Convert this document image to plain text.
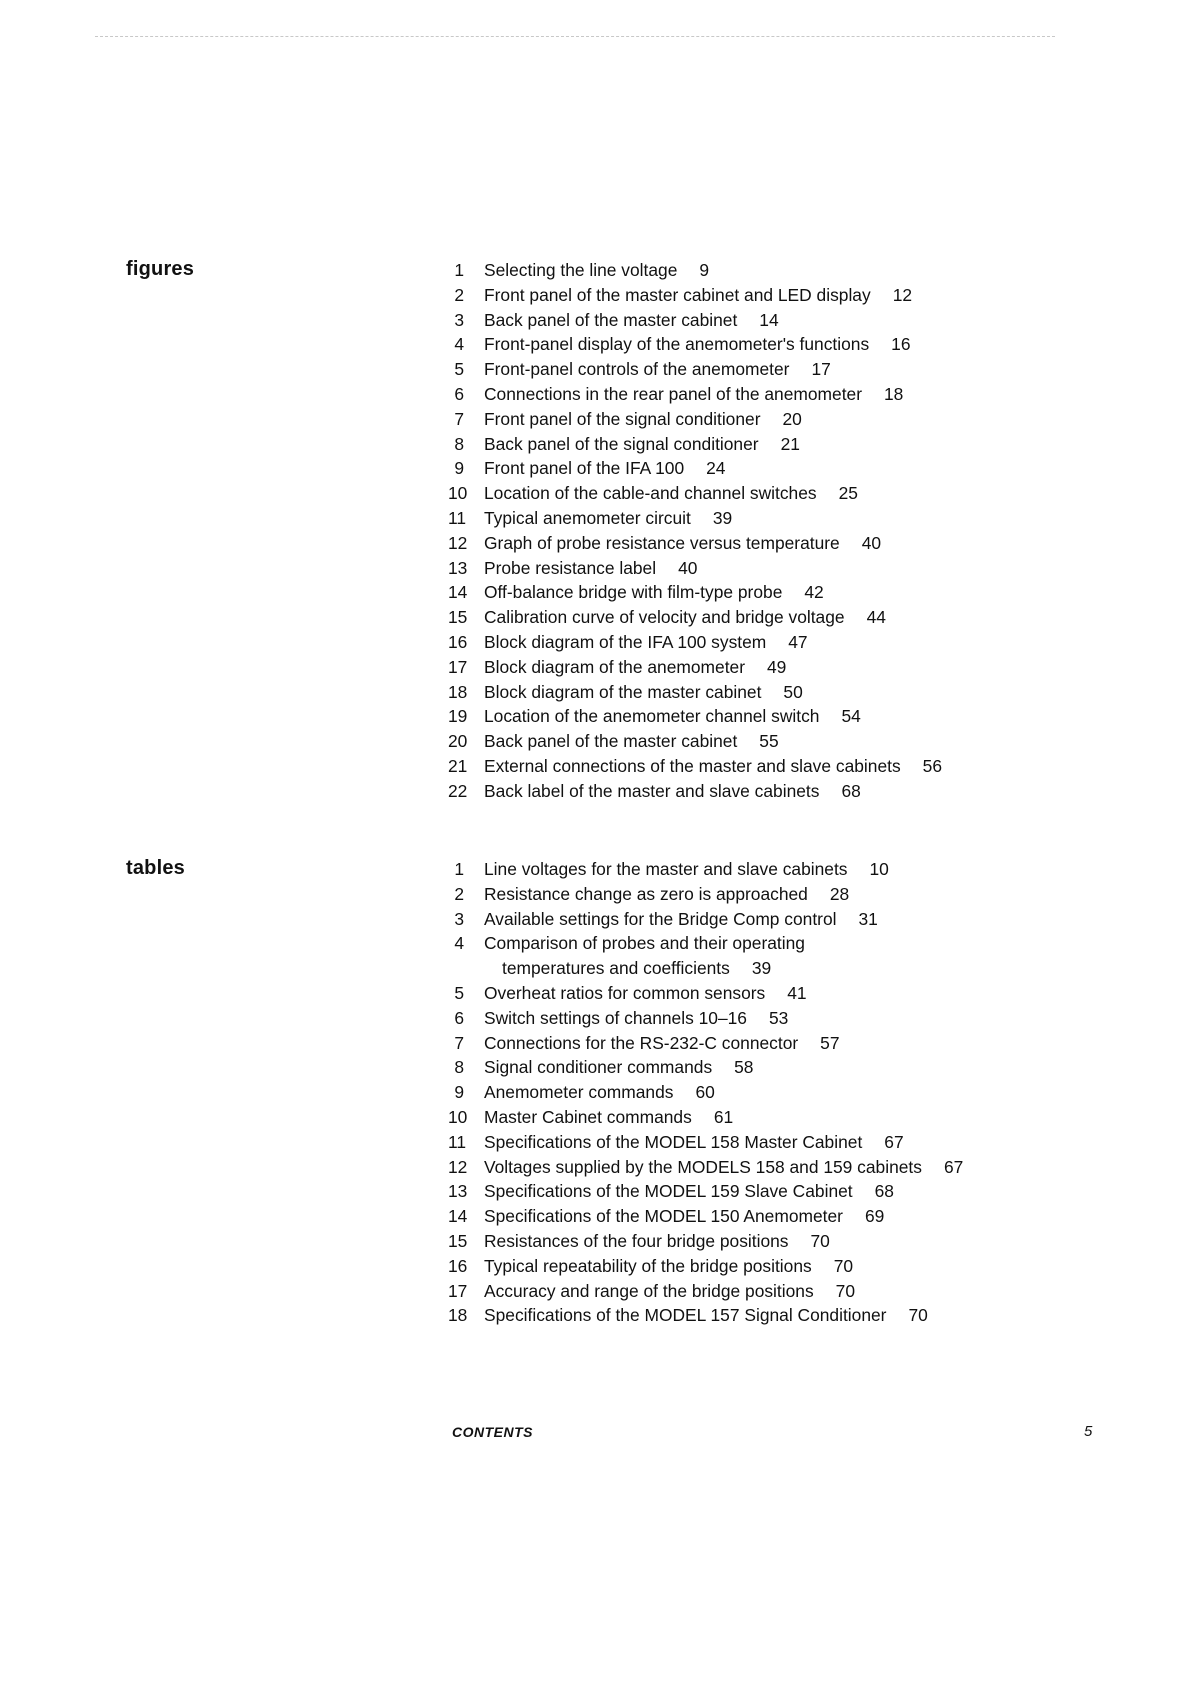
figures	1 Selecting the line voltage 9
2 Front panel of the master cabinet and LED display 12
3 Back panel of the master cabinet 14
4 Front-panel display of the anemometer's functions 16
5 Front-panel controls of the anemometer 17
6 Connections in the rear panel of the anemometer 18
7 Front panel of the signal conditioner 20
8 Back panel of the signal conditioner 21
9 Front panel of the IFA 100 24
10 Location of the cable-and channel switches 25
11 Typical anemometer circuit 39
12 Graph of probe resistance versus temperature 40
13 Probe resistance label 40
14 Off-balance bridge with film-type probe 42
15 Calibration curve of velocity and bridge voltage 44
16 Block diagram of the IFA 100 system 47
17 Block diagram of the anemometer 49
18 Block diagram of the master cabinet 50
19 Location of the anemometer channel switch 54
20 Back panel of the master cabinet 55
21 External connections of the master and slave cabinets 56
22 Back label of the master and slave cabinets 68
tables	1 Line voltages for the master and slave cabinets 10
2 Resistance change as zero is approached 28
3 Available settings for the Bridge Comp control 31
4 Comparison of probes and their operating
temperatures and coefficients 39
5 Overheat ratios for common sensors 41
6 Switch settings of channels 10–16 53
7 Connections for the RS-232-C connector 57
8 Signal conditioner commands 58
9 Anemometer commands 60
10 Master Cabinet commands 61
11 Specifications of the MODEL 158 Master Cabinet 67
12 Voltages supplied by the MODELS 158 and 159 cabinets 67
13 Specifications of the MODEL 159 Slave Cabinet 68
14 Specifications of the MODEL 150 Anemometer 69
15 Resistances of the four bridge positions 70
16 Typical repeatability of the bridge positions 70
17 Accuracy and range of the bridge positions 70
18 Specifications of the MODEL 157 Signal Conditioner 70
CONTENTS	5
